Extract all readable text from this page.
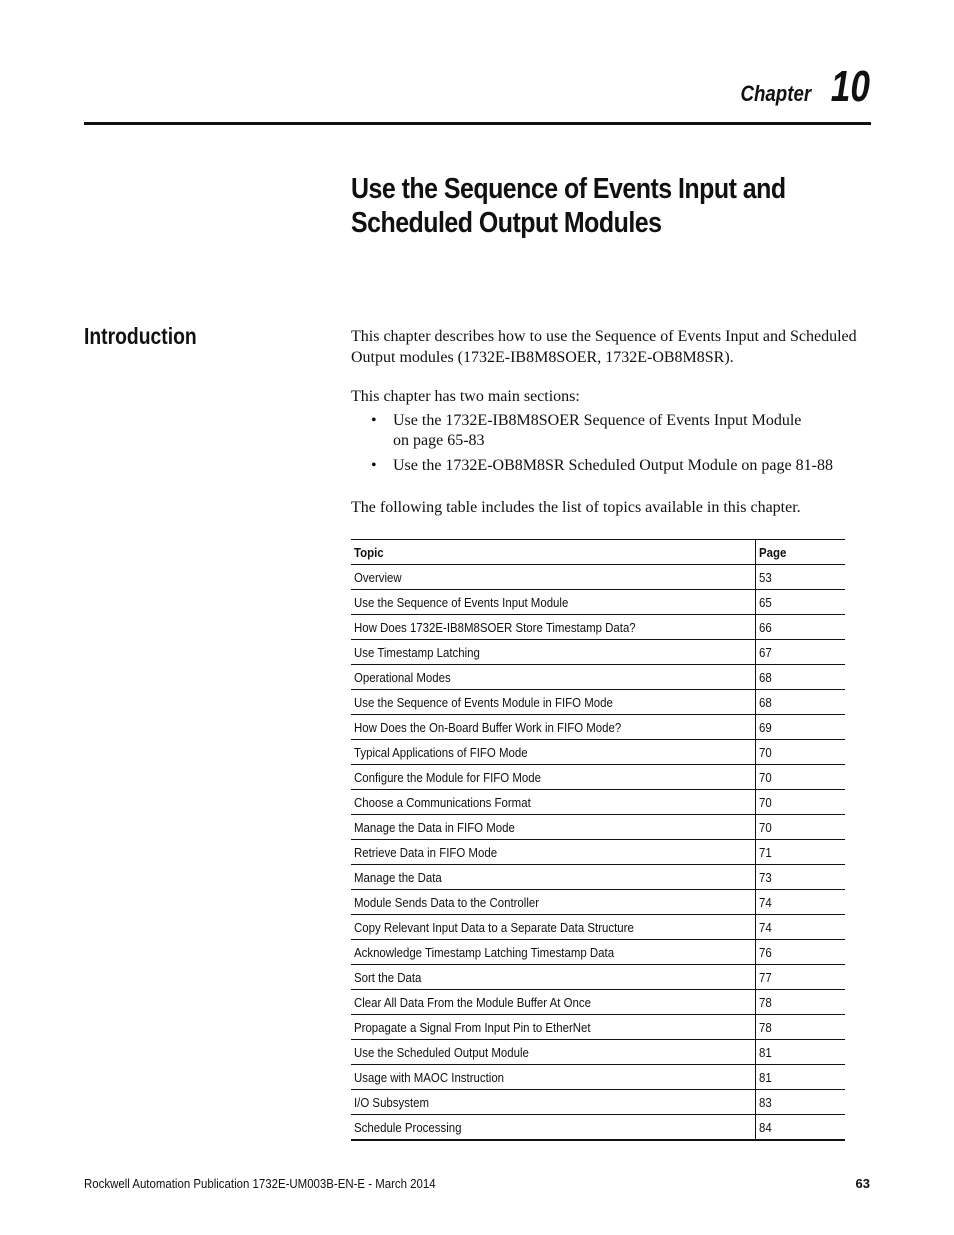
Chapter 10
Use the Sequence of Events Input and
Scheduled Output Modules
Introduction	This chapter describes how to use the Sequence of Events Input and Scheduled Output modules (1732E-IB8M8SOER, 1732E-OB8M8SR).

This chapter has two main sections:

• Use the 1732E-IB8M8SOER Sequence of Events Input Module
on page 65-83
• Use the 1732E-OB8M8SR Scheduled Output Module on page 81-88

The following table includes the list of topics available in this chapter.

Topic	Page
Overview	53
Use the Sequence of Events Input Module	65
How Does 1732E-IB8M8SOER Store Timestamp Data?	66
Use Timestamp Latching	67
Operational Modes	68
Use the Sequence of Events Module in FIFO Mode	68
How Does the On-Board Buffer Work in FIFO Mode?	69
Typical Applications of FIFO Mode	70
Configure the Module for FIFO Mode	70
Choose a Communications Format	70
Manage the Data in FIFO Mode	70
Retrieve Data in FIFO Mode	71
Manage the Data	73
Module Sends Data to the Controller	74
Copy Relevant Input Data to a Separate Data Structure	74
Acknowledge Timestamp Latching Timestamp Data	76
Sort the Data	77
Clear All Data From the Module Buffer At Once	78
Propagate a Signal From Input Pin to EtherNet	78
Use the Scheduled Output Module	81
Usage with MAOC Instruction	81
I/O Subsystem	83
Schedule Processing	84
Rockwell Automation Publication 1732E-UM003B-EN-E - March 2014	63
